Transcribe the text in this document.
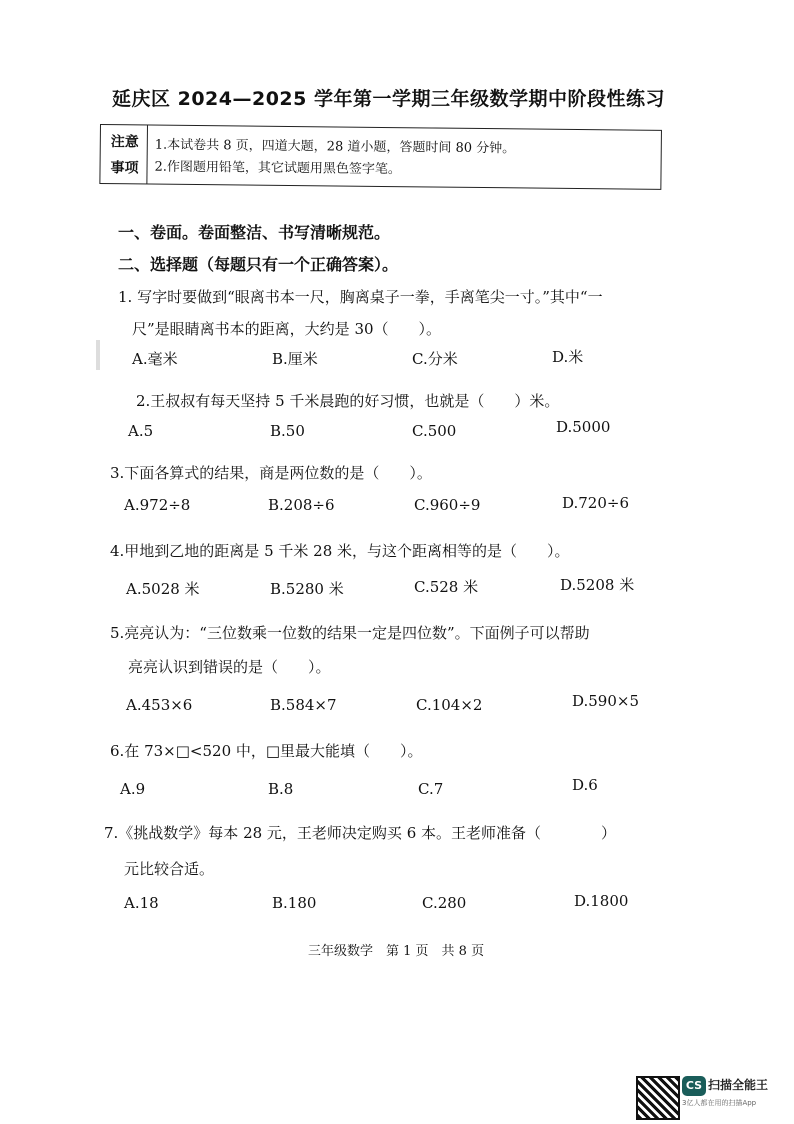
延庆区 2024—2025 学年第一学期三年级数学期中阶段性练习
注意
事项
1.本试卷共 8 页，四道大题，28 道小题，答题时间 80 分钟。
2.作图题用铅笔，其它试题用黑色签字笔。
一、卷面。卷面整洁、书写清晰规范。
二、选择题（每题只有一个正确答案）。
1. 写字时要做到“眼离书本一尺，胸离桌子一拳，手离笔尖一寸。”其中“一
尺”是眼睛离书本的距离，大约是 30（　　）。
A.毫米	B.厘米	C.分米	D.米
2.王叔叔有每天坚持 5 千米晨跑的好习惯，也就是（　　）米。
A.5	B.50	C.500	D.5000
3.下面各算式的结果，商是两位数的是（　　）。
A.972÷8	B.208÷6	C.960÷9	D.720÷6
4.甲地到乙地的距离是 5 千米 28 米，与这个距离相等的是（　　）。
A.5028 米	B.5280 米	C.528 米	D.5208 米
5.亮亮认为：“三位数乘一位数的结果一定是四位数”。下面例子可以帮助
亮亮认识到错误的是（　　）。
A.453×6	B.584×7	C.104×2	D.590×5
6.在 73×□<520 中，□里最大能填（　　）。
A.9	B.8	C.7	D.6
7.《挑战数学》每本 28 元，王老师决定购买 6 本。王老师准备（　　　　）
元比较合适。
A.18	B.180	C.280	D.1800
三年级数学　第 1 页　共 8 页
CS 扫描全能王
3亿人都在用的扫描App
